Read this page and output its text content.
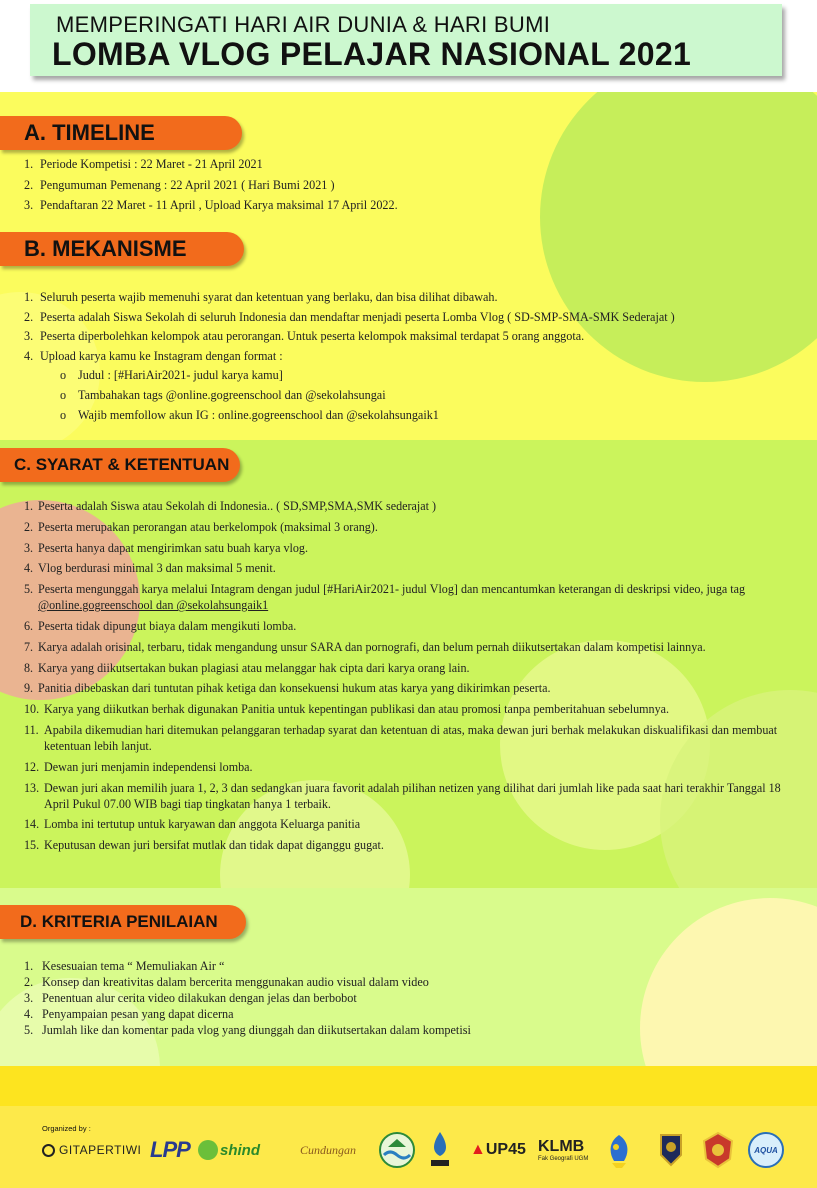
MEMPERINGATI HARI AIR DUNIA & HARI BUMI
LOMBA VLOG PELAJAR NASIONAL 2021
A. TIMELINE
1. Periode Kompetisi : 22 Maret - 21 April 2021
2. Pengumuman Pemenang : 22 April 2021 ( Hari Bumi 2021 )
3. Pendaftaran 22 Maret - 11 April , Upload Karya maksimal 17 April 2022.
B. MEKANISME
1. Seluruh peserta wajib memenuhi syarat dan ketentuan yang berlaku, dan bisa dilihat dibawah.
2. Peserta adalah Siswa Sekolah di seluruh Indonesia dan mendaftar menjadi peserta Lomba Vlog ( SD-SMP-SMA-SMK Sederajat )
3. Peserta diperbolehkan kelompok atau perorangan. Untuk peserta kelompok maksimal terdapat 5 orang anggota.
4. Upload karya kamu ke Instagram dengan format :
o Judul : [#HariAir2021- judul karya kamu]
o Tambahakan tags @online.gogreenschool dan @sekolahsungai
o Wajib memfollow akun IG : online.gogreenschool dan @sekolahsungaik1
C. SYARAT & KETENTUAN
1. Peserta adalah Siswa atau Sekolah di Indonesia.. ( SD,SMP,SMA,SMK sederajat )
2. Peserta merupakan perorangan atau berkelompok (maksimal 3 orang).
3. Peserta hanya dapat mengirimkan satu buah karya vlog.
4. Vlog berdurasi minimal 3 dan maksimal 5 menit.
5. Peserta mengunggah karya melalui Intagram dengan judul [#HariAir2021- judul Vlog] dan mencantumkan keterangan di deskripsi video, juga tag @online.gogreenschool dan @sekolahsungaik1
6. Peserta tidak dipungut biaya dalam mengikuti lomba.
7. Karya adalah orisinal, terbaru, tidak mengandung unsur SARA dan pornografi, dan belum pernah diikutsertakan dalam kompetisi lainnya.
8. Karya yang diikutsertakan bukan plagiasi atau melanggar hak cipta dari karya orang lain.
9. Panitia dibebaskan dari tuntutan pihak ketiga dan konsekuensi hukum atas karya yang dikirimkan peserta.
10. Karya yang diikutkan berhak digunakan Panitia untuk kepentingan publikasi dan atau promosi tanpa pemberitahuan sebelumnya.
11. Apabila dikemudian hari ditemukan pelanggaran terhadap syarat dan ketentuan di atas, maka dewan juri berhak melakukan diskualifikasi dan membuat ketentuan lebih lanjut.
12. Dewan juri menjamin independensi lomba.
13. Dewan juri akan memilih juara 1, 2, 3 dan sedangkan juara favorit adalah pilihan netizen yang dilihat dari jumlah like pada saat hari terakhir Tanggal 18 April Pukul 07.00 WIB bagi tiap tingkatan hanya 1 terbaik.
14. Lomba ini tertutup untuk karyawan dan anggota Keluarga panitia
15. Keputusan dewan juri bersifat mutlak dan tidak dapat diganggu gugat.
D. KRITERIA PENILAIAN
1. Kesesuaian tema “ Memuliakan Air “
2. Konsep dan kreativitas dalam bercerita menggunakan audio visual dalam video
3. Penentuan alur cerita video dilakukan dengan jelas dan berbobot
4. Penyampaian pesan yang dapat dicerna
5. Jumlah like dan komentar pada vlog yang diunggah dan diikutsertakan dalam kompetisi
Organized by :
GITAPERTIWI LPP shind	Cundungan	▲ UP45 KLMB
Fak Geografi UGM
AQUA
